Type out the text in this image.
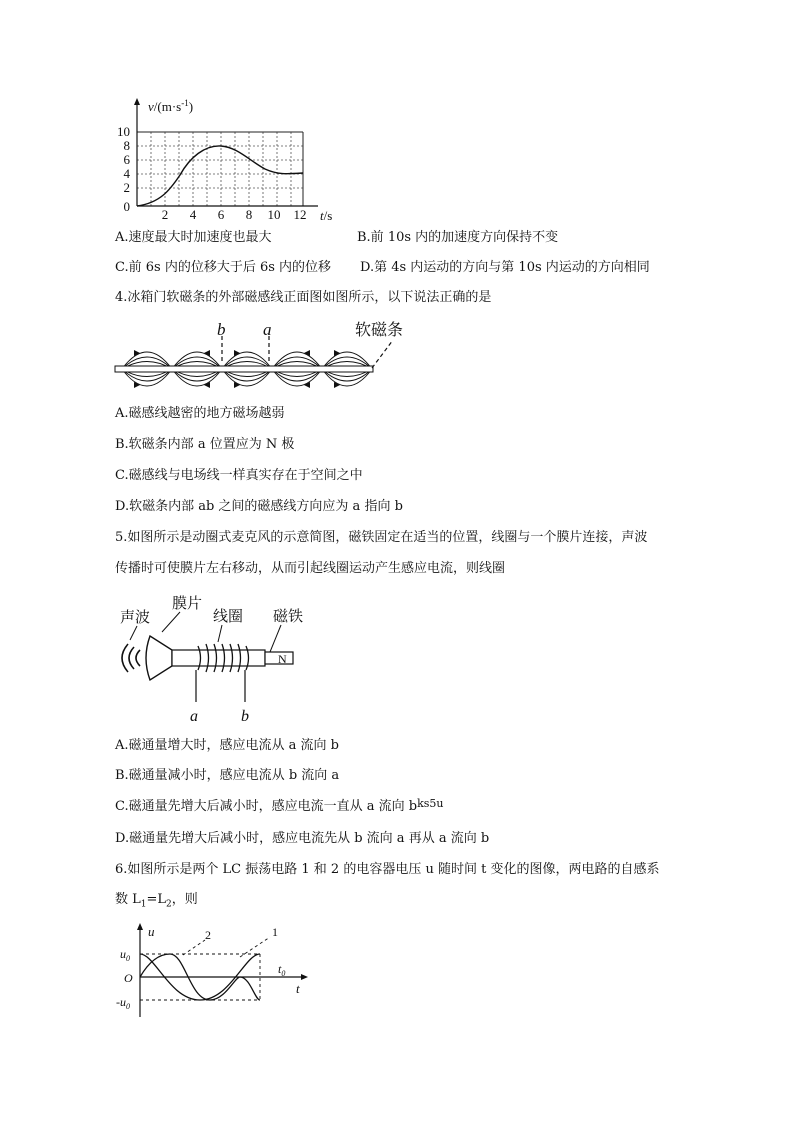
10
8
6
4
2
0
2 4 6 8 10 12
$v/(m\cdot s^{-1})$
t/s
A.速度最大时加速度也最大	B.前 10s 内的加速度方向保持不变
C.前 6s 内的位移大于后 6s 内的位移 D.第 4s 内运动的方向与第 10s 内运动的方向相同
4.冰箱门软磁条的外部磁感线正面图如图所示，以下说法正确的是
b a	软磁条
A.磁感线越密的地方磁场越弱
B.软磁条内部 a 位置应为 N 极
C.磁感线与电场线一样真实存在于空间之中
D.软磁条内部 ab 之间的磁感线方向应为 a 指向 b
5.如图所示是动圈式麦克风的示意简图，磁铁固定在适当的位置，线圈与一个膜片连接，声波
传播时可使膜片左右移动，从而引起线圈运动产生感应电流，则线圈
声波
膜片
线圈 磁铁
N
a	b
A.磁通量增大时，感应电流从 a 流向 b
B.磁通量减小时，感应电流从 b 流向 a
C.磁通量先增大后减小时，感应电流一直从 a 流向 $b^{ks5u}$
D.磁通量先增大后减小时，感应电流先从 b 流向 a 再从 a 流向 b
6.如图所示是两个 LC 振荡电路 1 和 2 的电容器电压 u 随时间 t 变化的图像，两电路的自感系
数 $L_1=L_2$，则
u
$u_0$
O
$-u_0$
t
$t_0$
2	1
